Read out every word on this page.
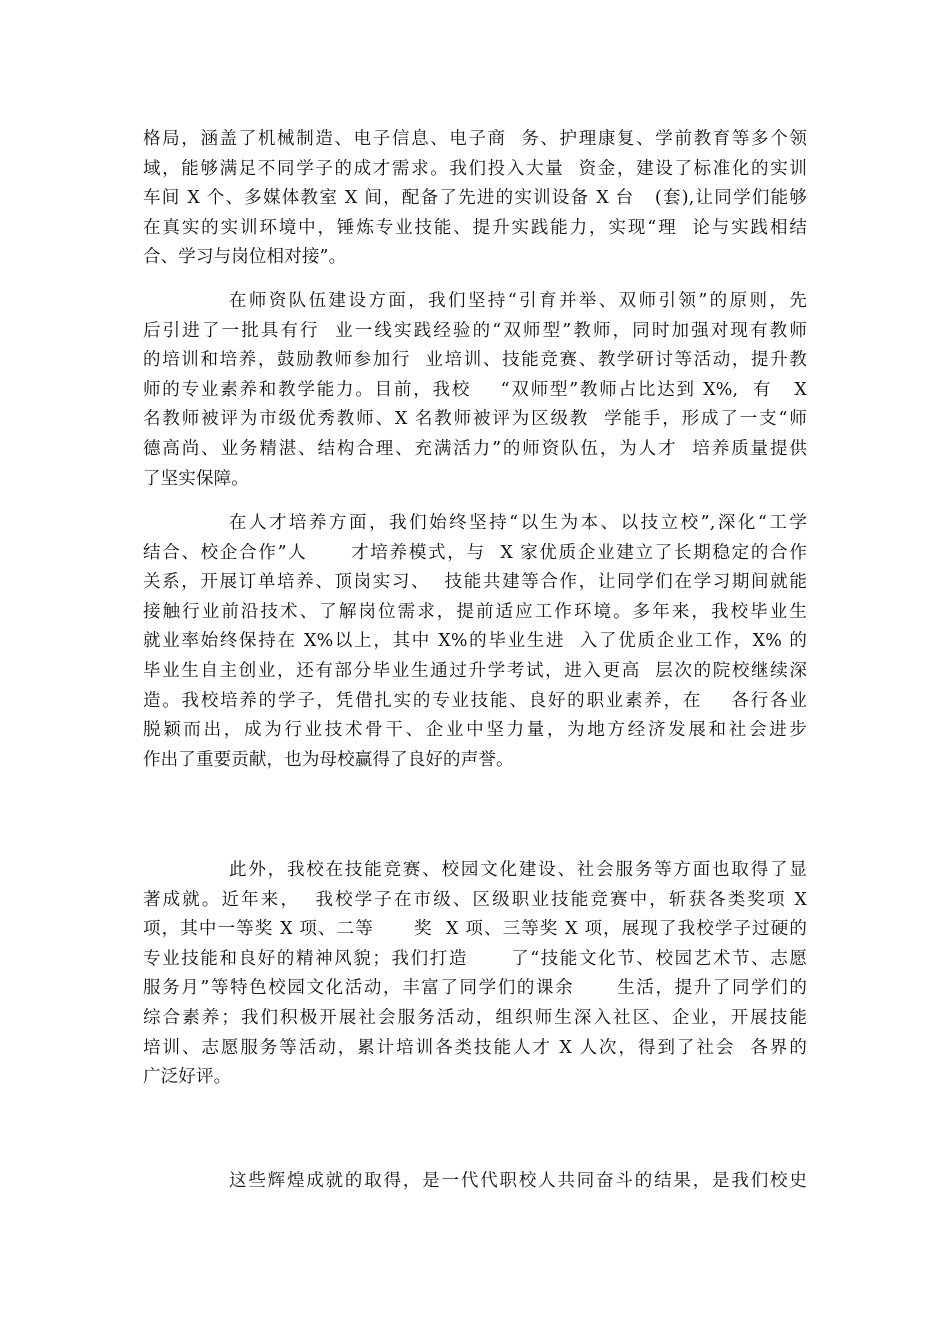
格局，涵盖了机械制造、电子信息、电子商  务、护理康复、学前教育等多个领
域，能够满足不同学子的成才需求。我们投入大量  资金，建设了标准化的实训
车间 X 个、多媒体教室 X 间，配备了先进的实训设备 X 台   (套),让同学们能够
在真实的实训环境中，锤炼专业技能、提升实践能力，实现“理  论与实践相结
合、学习与岗位相对接”。
在师资队伍建设方面，我们坚持“引育并举、双师引领”的原则，先
后引进了一批具有行  业一线实践经验的“双师型”教师，同时加强对现有教师
的培训和培养，鼓励教师参加行  业培训、技能竞赛、教学研讨等活动，提升教
师的专业素养和教学能力。目前，我校    “双师型”教师占比达到 X%,  有   X
名教师被评为市级优秀教师、X 名教师被评为区级教  学能手，形成了一支“师
德高尚、业务精湛、结构合理、充满活力”的师资队伍，为人才  培养质量提供
了坚实保障。
在人才培养方面，我们始终坚持“以生为本、以技立校”,深化“工学
结合、校企合作”人      才培养模式，与  X 家优质企业建立了长期稳定的合作
关系，开展订单培养、顶岗实习、  技能共建等合作，让同学们在学习期间就能
接触行业前沿技术、了解岗位需求，提前适应工作环境。多年来，我校毕业生
就业率始终保持在 X%以上，其中 X%的毕业生进  入了优质企业工作，X% 的
毕业生自主创业，还有部分毕业生通过升学考试，进入更高  层次的院校继续深
造。我校培养的学子，凭借扎实的专业技能、良好的职业素养，在    各行各业
脱颖而出，成为行业技术骨干、企业中坚力量，为地方经济发展和社会进步
作出了重要贡献，也为母校赢得了良好的声誉。
此外，我校在技能竞赛、校园文化建设、社会服务等方面也取得了显
著成就。近年来，  我校学子在市级、区级职业技能竞赛中，斩获各类奖项 X
项，其中一等奖 X 项、二等      奖  X 项、三等奖 X 项，展现了我校学子过硬的
专业技能和良好的精神风貌；我们打造      了“技能文化节、校园艺术节、志愿
服务月”等特色校园文化活动，丰富了同学们的课余      生活，提升了同学们的
综合素养；我们积极开展社会服务活动，组织师生深入社区、企业，开展技能
培训、志愿服务等活动，累计培训各类技能人才 X 人次，得到了社会  各界的
广泛好评。
这些辉煌成就的取得，是一代代职校人共同奋斗的结果，是我们校史
